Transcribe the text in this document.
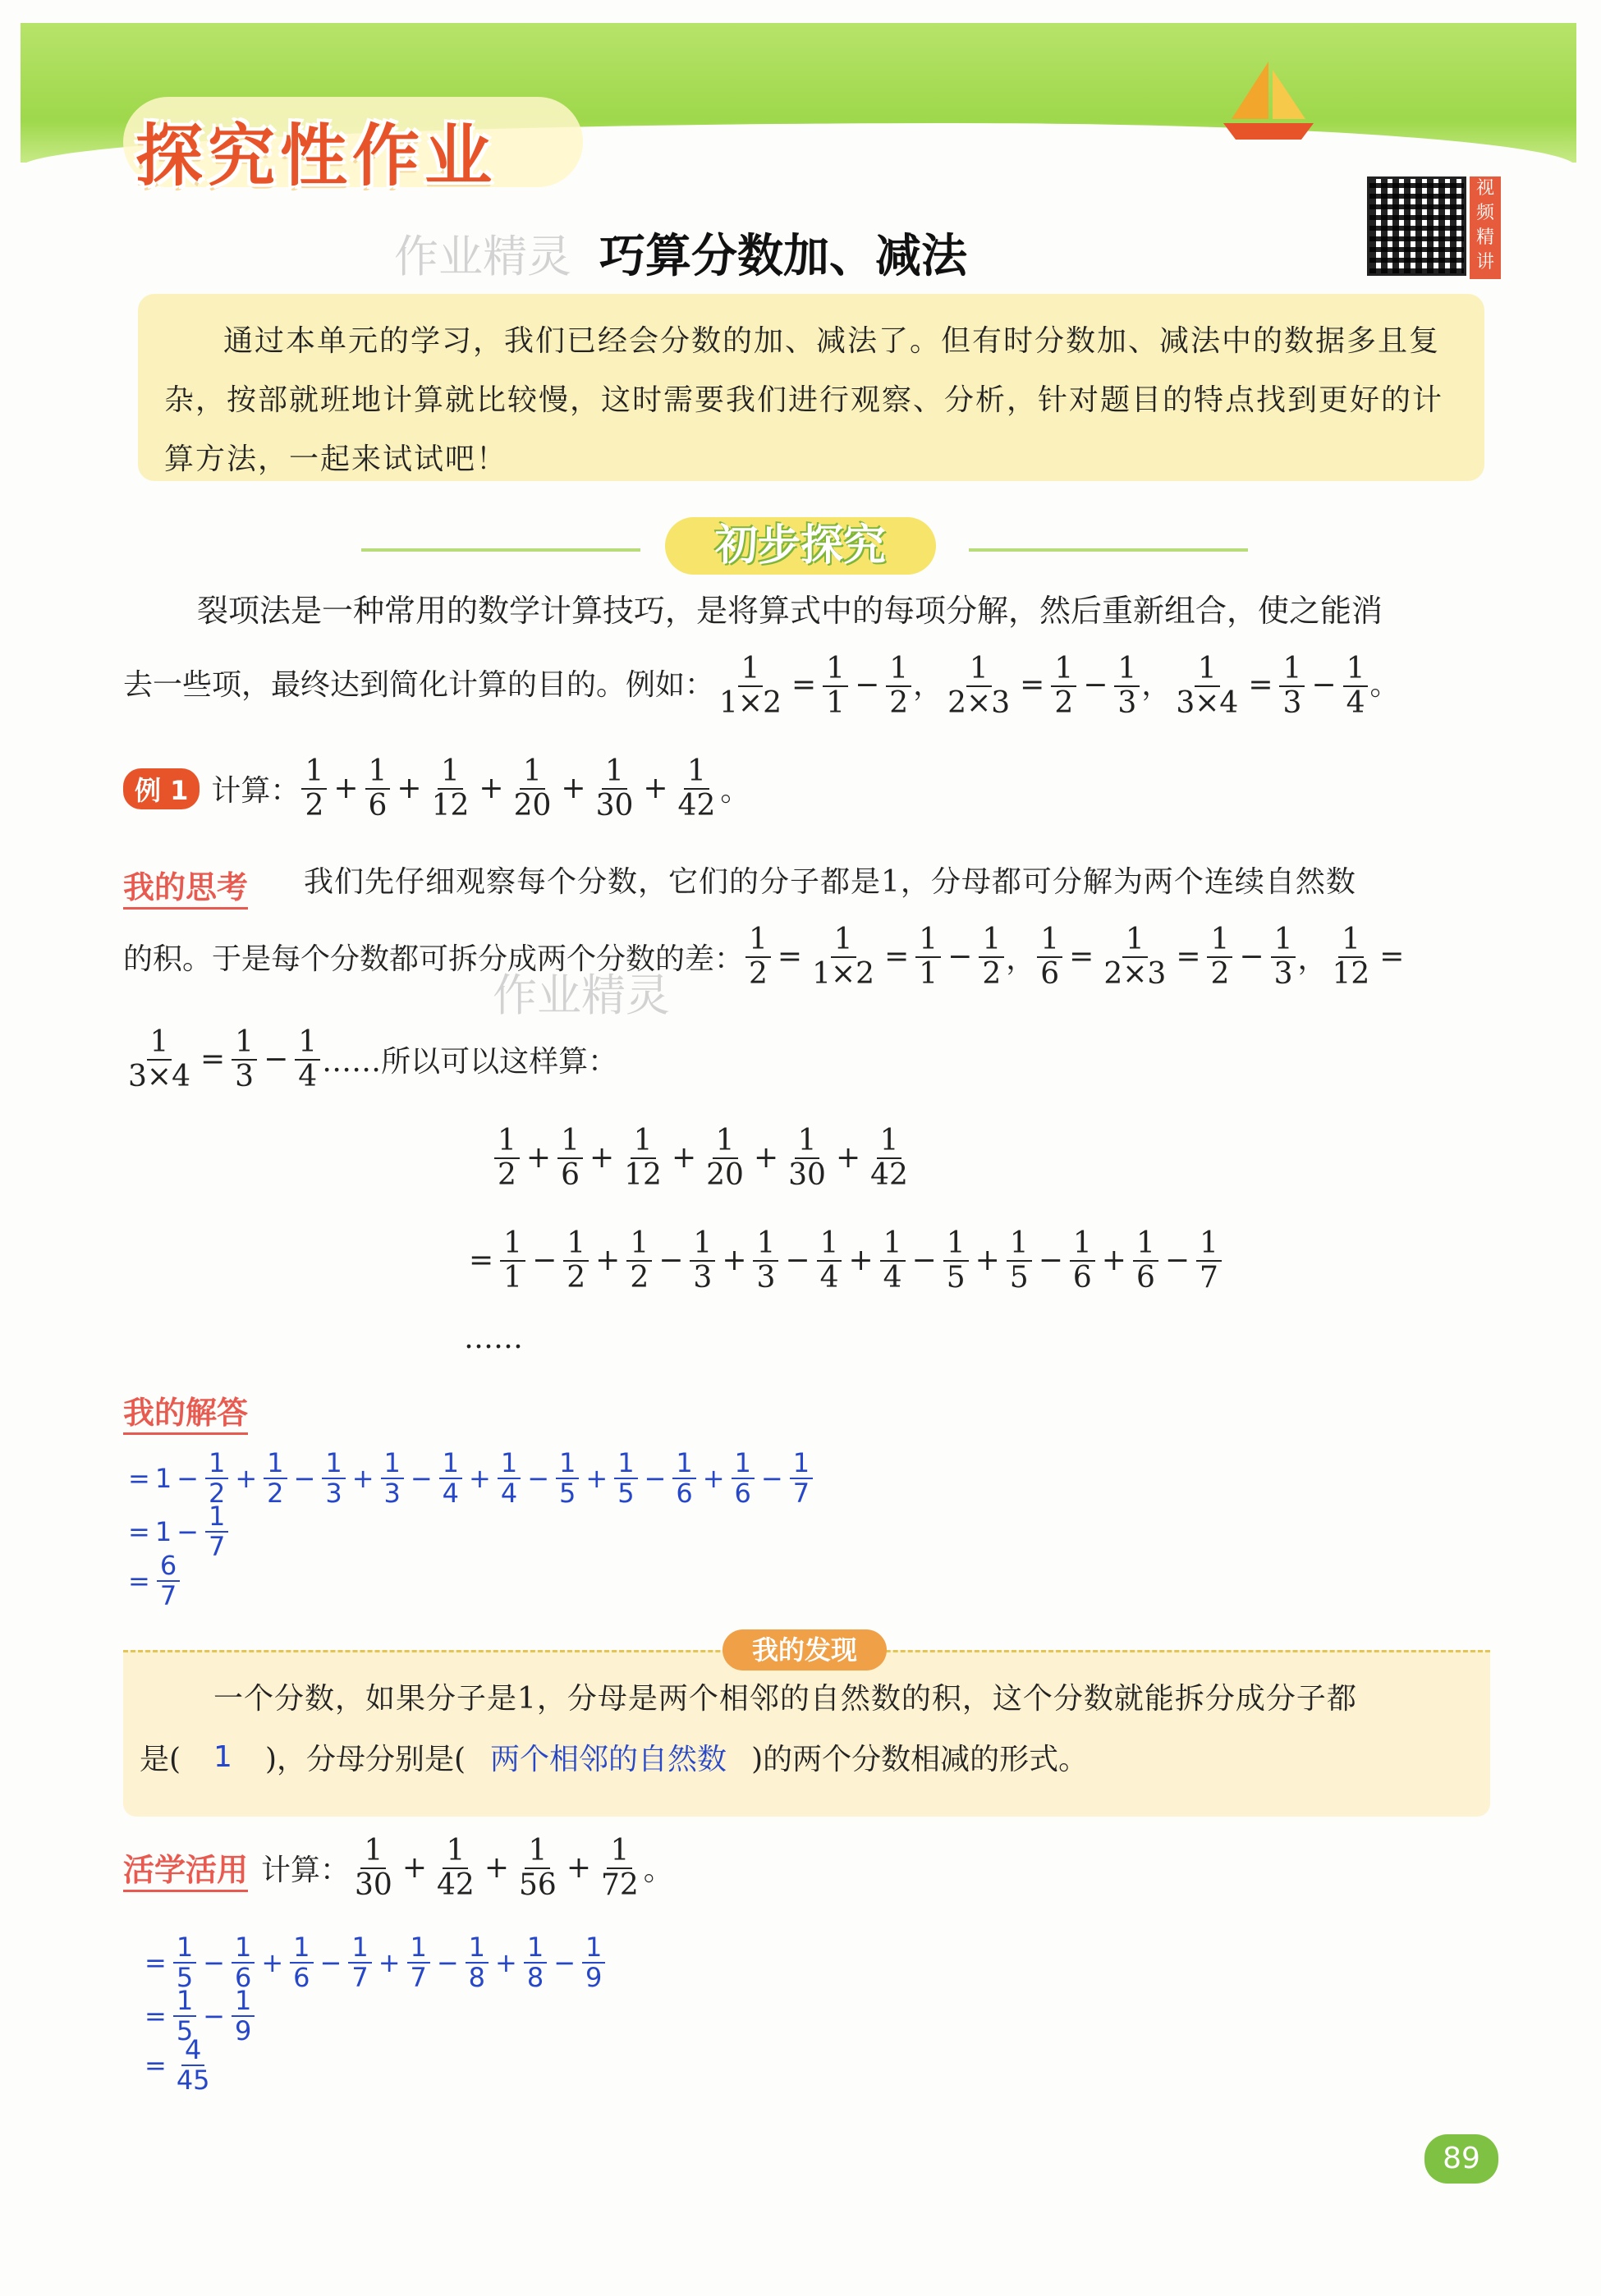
探究性作业	视频精讲
作业精灵 巧算分数加、减法
通过本单元的学习，我们已经会分数的加、减法了。但有时分数加、减法中的数据多且复杂，按部就班地计算就比较慢，这时需要我们进行观察、分析，针对题目的特点找到更好的计算方法，一起来试试吧！
初步探究
裂项法是一种常用的数学计算技巧，是将算式中的每项分解，然后重新组合，使之能消
去一些项，最终达到简化计算的目的。例如： $\frac{1}{1\times 2} = \frac{1}{1} - \frac{1}{2}$ ， $\frac{1}{2\times 3} = \frac{1}{2} - \frac{1}{3}$ ， $\frac{1}{3\times 4} = \frac{1}{3} - \frac{1}{4}$ 。
例 1 计算： $\frac{1}{2} + \frac{1}{6} + \frac{1}{12} + \frac{1}{20} + \frac{1}{30} + \frac{1}{42}$ 。
我的思考 我们先仔细观察每个分数，它们的分子都是1，分母都可分解为两个连续自然数
的积。于是每个分数都可拆分成两个分数的差： $\frac{1}{2} = \frac{1}{1\times 2} = \frac{1}{1} - \frac{1}{2}$ ， $\frac{1}{6} = \frac{1}{2\times 3} = \frac{1}{2} - \frac{1}{3}$ ， $\frac{1}{12}$ =
作业精灵
$\frac{1}{3\times 4} = \frac{1}{3} - \frac{1}{4}$ ……所以可以这样算：
$\frac{1}{2} + \frac{1}{6} + \frac{1}{12} + \frac{1}{20} + \frac{1}{30} + \frac{1}{42}$
= $\frac{1}{1} - \frac{1}{2} + \frac{1}{2} - \frac{1}{3} + \frac{1}{3} - \frac{1}{4} + \frac{1}{4} - \frac{1}{5} + \frac{1}{5} - \frac{1}{6} + \frac{1}{6} - \frac{1}{7}$
……
我的解答
= $1 - \frac{1}{2} + \frac{1}{2} - \frac{1}{3} + \frac{1}{3} - \frac{1}{4} + \frac{1}{4} - \frac{1}{5} + \frac{1}{5} - \frac{1}{6} + \frac{1}{6} - \frac{1}{7}$
= $1 - \frac{1}{7}$
= $\frac{6}{7}$
我的发现
一个分数，如果分子是1，分母是两个相邻的自然数的积，这个分数就能拆分成分子都
是( 1 )，分母分别是( 两个相邻的自然数 )的两个分数相减的形式。
活学活用 计算： $\frac{1}{30} + \frac{1}{42} + \frac{1}{56} + \frac{1}{72}$ 。
= $\frac{1}{5} - \frac{1}{6} + \frac{1}{6} - \frac{1}{7} + \frac{1}{7} - \frac{1}{8} + \frac{1}{8} - \frac{1}{9}$
= $\frac{1}{5} - \frac{1}{9}$
= $\frac{4}{45}$
89
